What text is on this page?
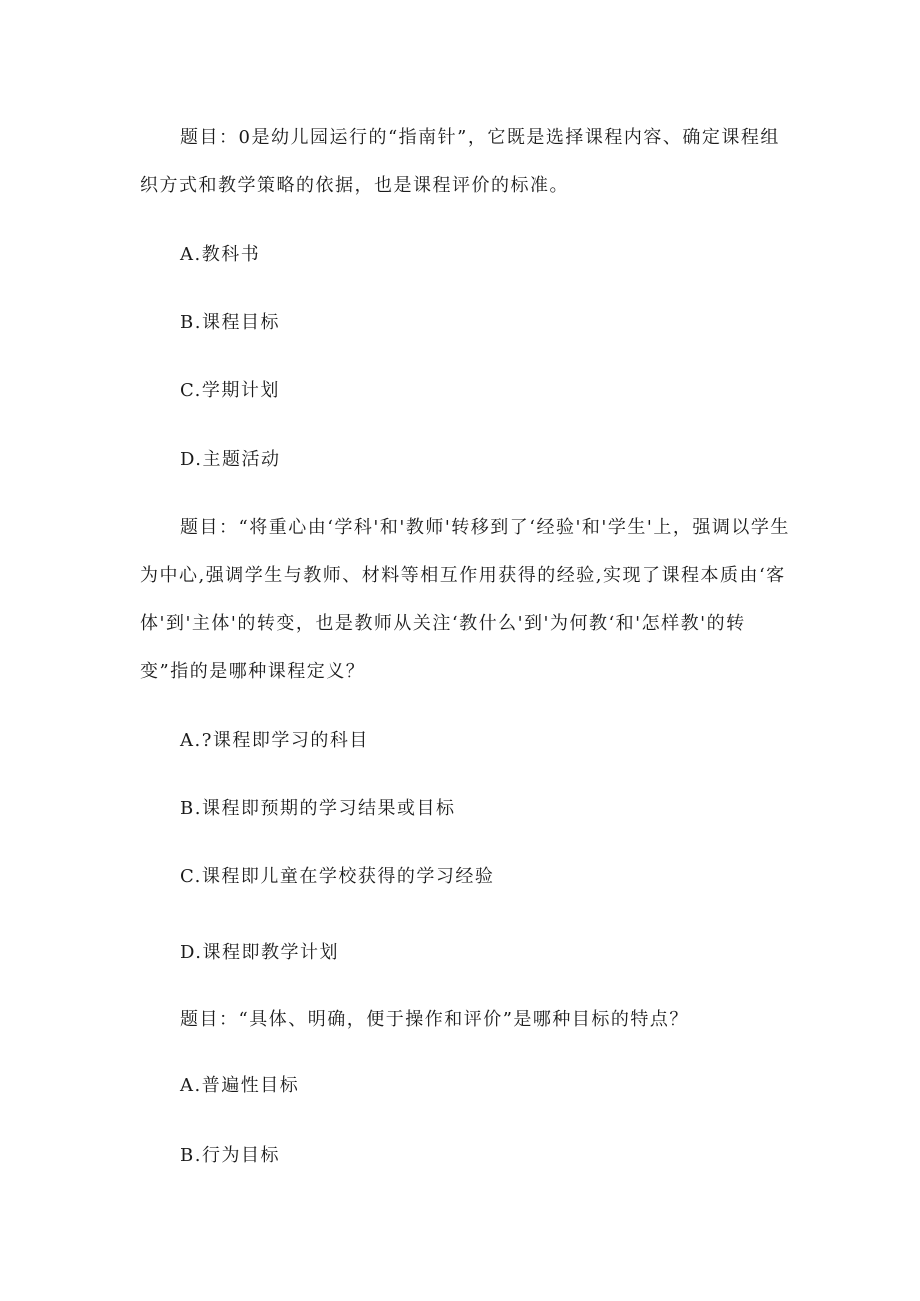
题目：0是幼儿园运行的“指南针”，它既是选择课程内容、确定课程组织方式和教学策略的依据，也是课程评价的标准。

A.教科书

B.课程目标

C.学期计划

D.主题活动

题目：“将重心由‘学科'和'教师'转移到了‘经验'和'学生'上，强调以学生为中心,强调学生与教师、材料等相互作用获得的经验,实现了课程本质由‘客体'到'主体'的转变，也是教师从关注‘教什么'到'为何教‘和'怎样教'的转变”指的是哪种课程定义？

A.?课程即学习的科目

B.课程即预期的学习结果或目标

C.课程即儿童在学校获得的学习经验

D.课程即教学计划

题目：“具体、明确，便于操作和评价”是哪种目标的特点？

A.普遍性目标

B.行为目标
